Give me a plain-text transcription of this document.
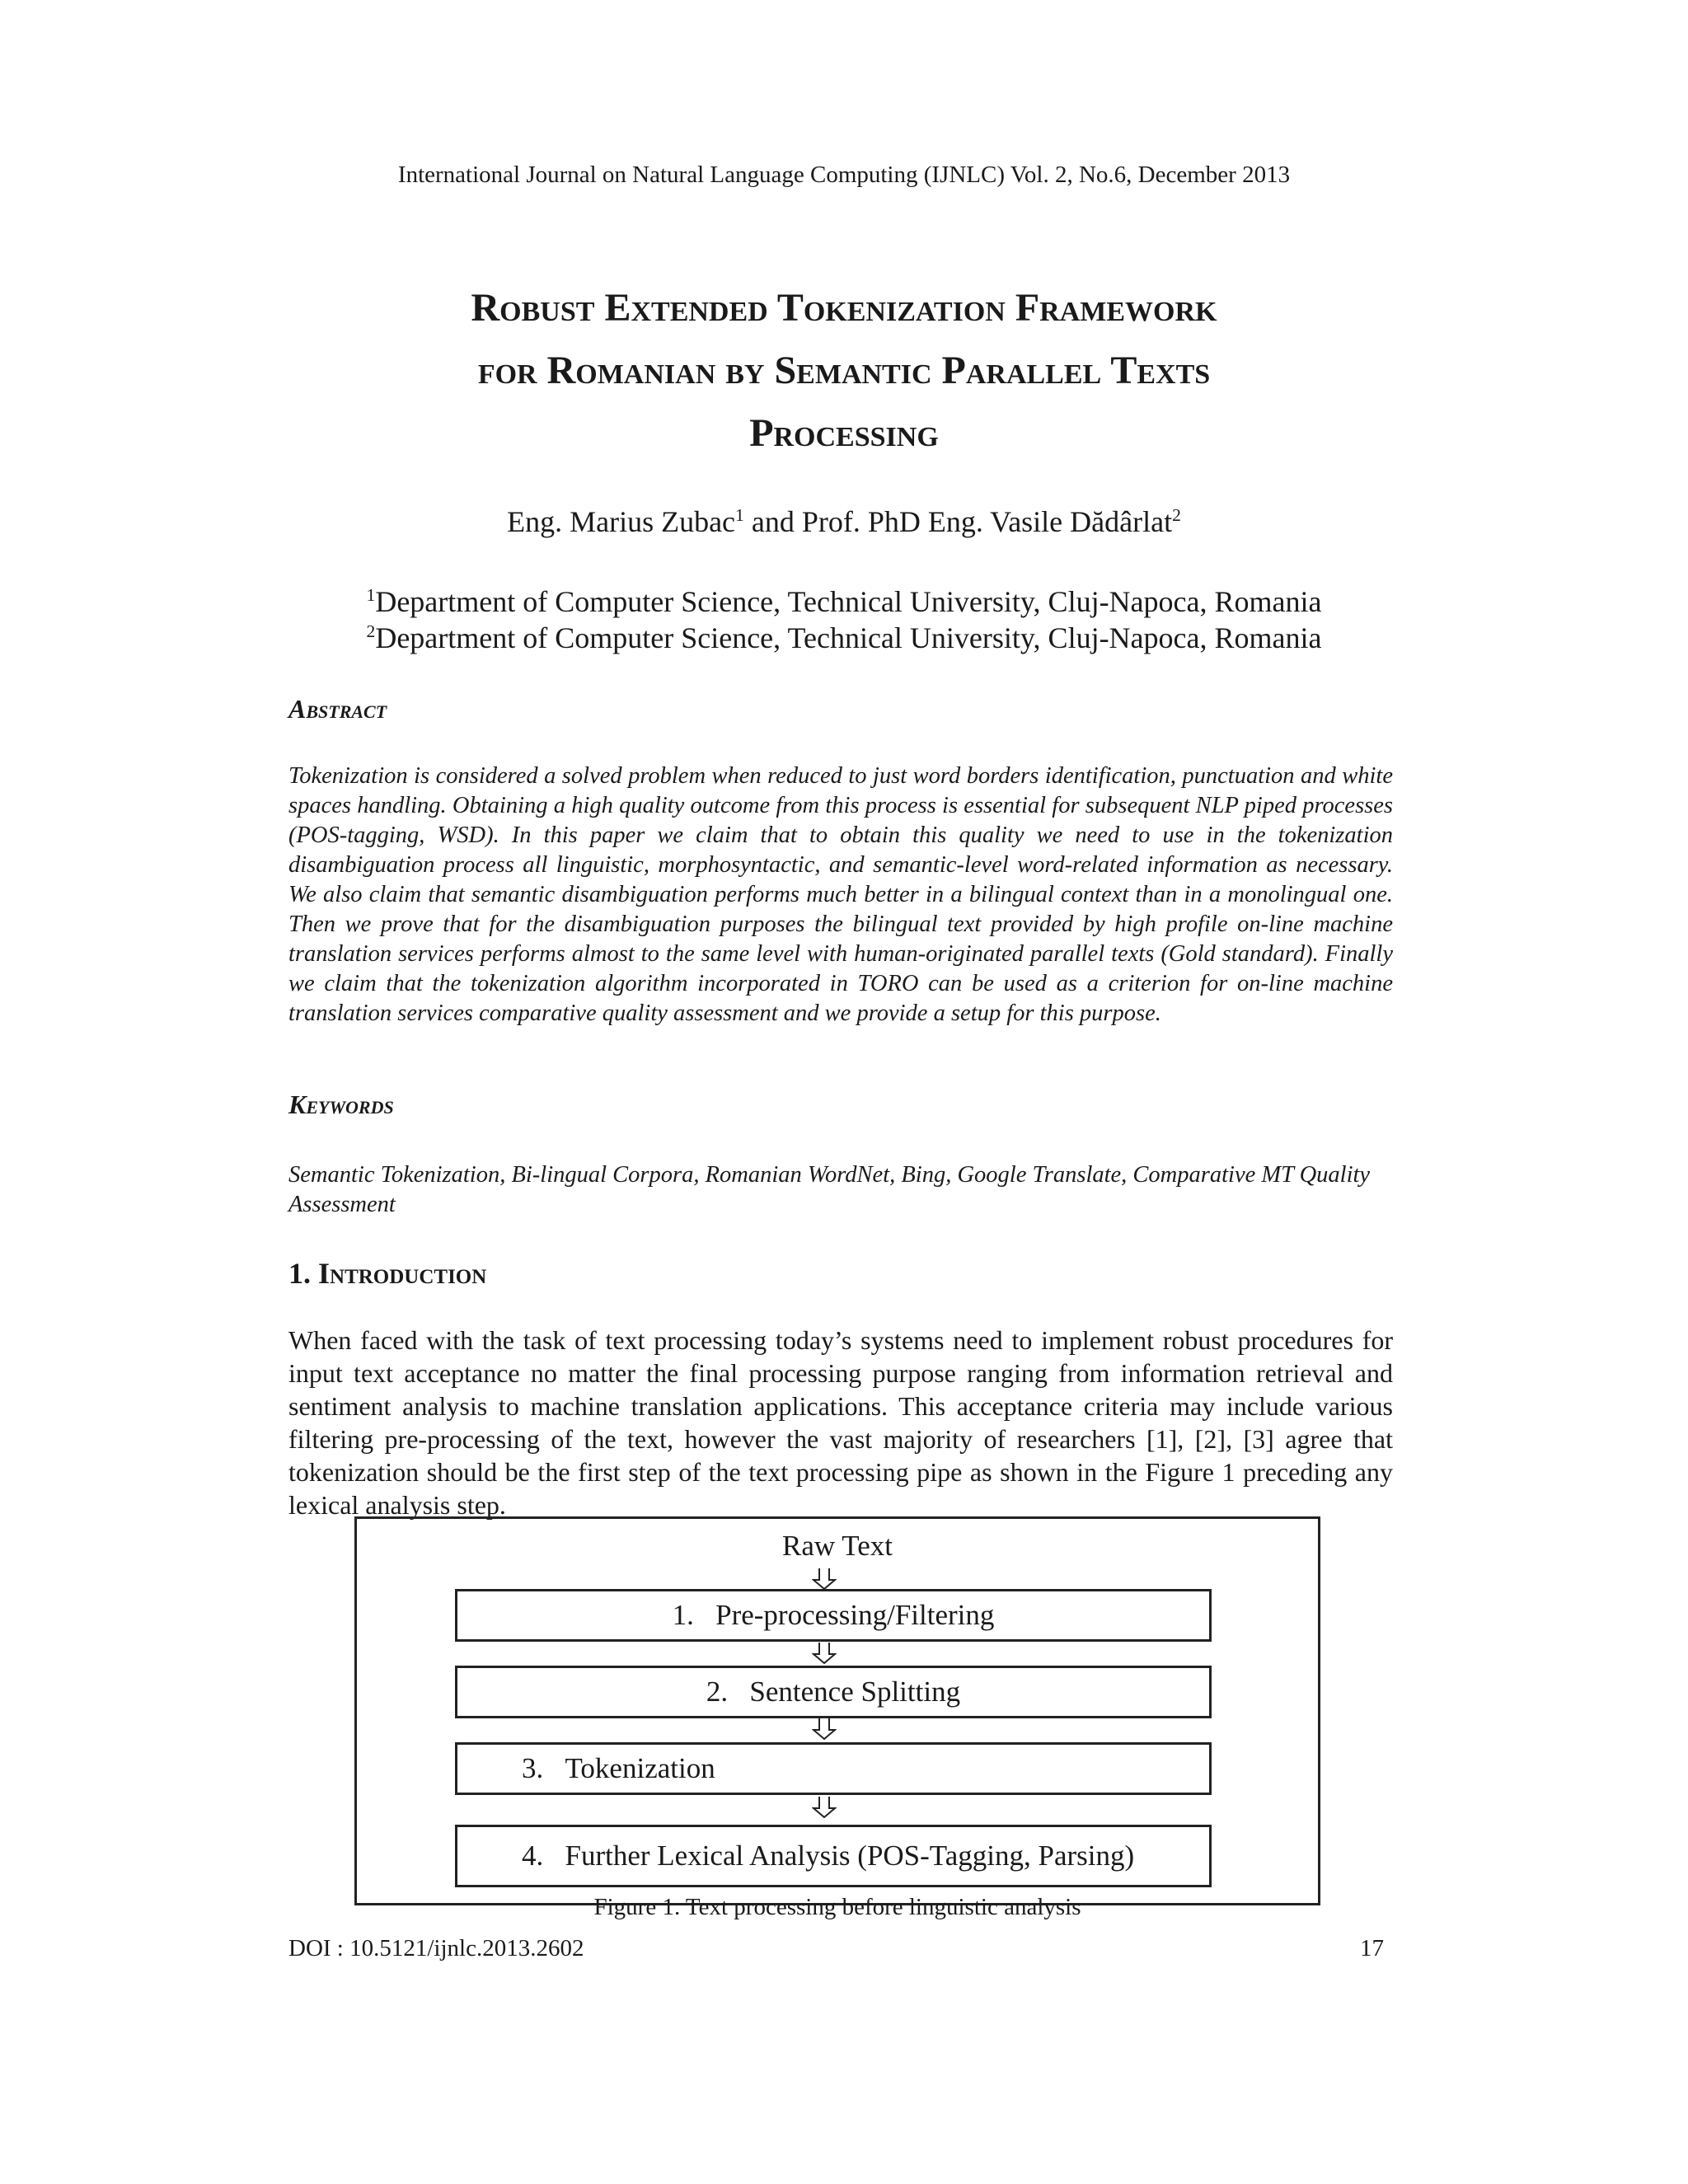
International Journal on Natural Language Computing (IJNLC) Vol. 2, No.6, December 2013
Robust Extended Tokenization Framework
for Romanian by Semantic Parallel Texts
Processing
Eng. Marius Zubac$^1$ and Prof. PhD Eng. Vasile Dădârlat$^2$
$^1$Department of Computer Science, Technical University, Cluj-Napoca, Romania
$^2$Department of Computer Science, Technical University, Cluj-Napoca, Romania
Abstract
Tokenization is considered a solved problem when reduced to just word borders identification, punctuation and white spaces handling. Obtaining a high quality outcome from this process is essential for subsequent NLP piped processes (POS-tagging, WSD). In this paper we claim that to obtain this quality we need to use in the tokenization disambiguation process all linguistic, morphosyntactic, and semantic-level word-related information as necessary. We also claim that semantic disambiguation performs much better in a bilingual context than in a monolingual one. Then we prove that for the disambiguation purposes the bilingual text provided by high profile on-line machine translation services performs almost to the same level with human-originated parallel texts (Gold standard). Finally we claim that the tokenization algorithm incorporated in TORO can be used as a criterion for on-line machine translation services comparative quality assessment and we provide a setup for this purpose.
Keywords
Semantic Tokenization, Bi-lingual Corpora, Romanian WordNet, Bing, Google Translate, Comparative MT Quality Assessment
1. Introduction
When faced with the task of text processing today’s systems need to implement robust procedures for input text acceptance no matter the final processing purpose ranging from information retrieval and sentiment analysis to machine translation applications. This acceptance criteria may include various filtering pre-processing of the text, however the vast majority of researchers [1], [2], [3] agree that tokenization should be the first step of the text processing pipe as shown in the Figure 1 preceding any lexical analysis step.
Raw Text
1. Pre-processing/Filtering
2. Sentence Splitting
3. Tokenization
4. Further Lexical Analysis (POS-Tagging, Parsing)
Figure 1. Text processing before linguistic analysis
DOI : 10.5121/ijnlc.2013.2602	17
